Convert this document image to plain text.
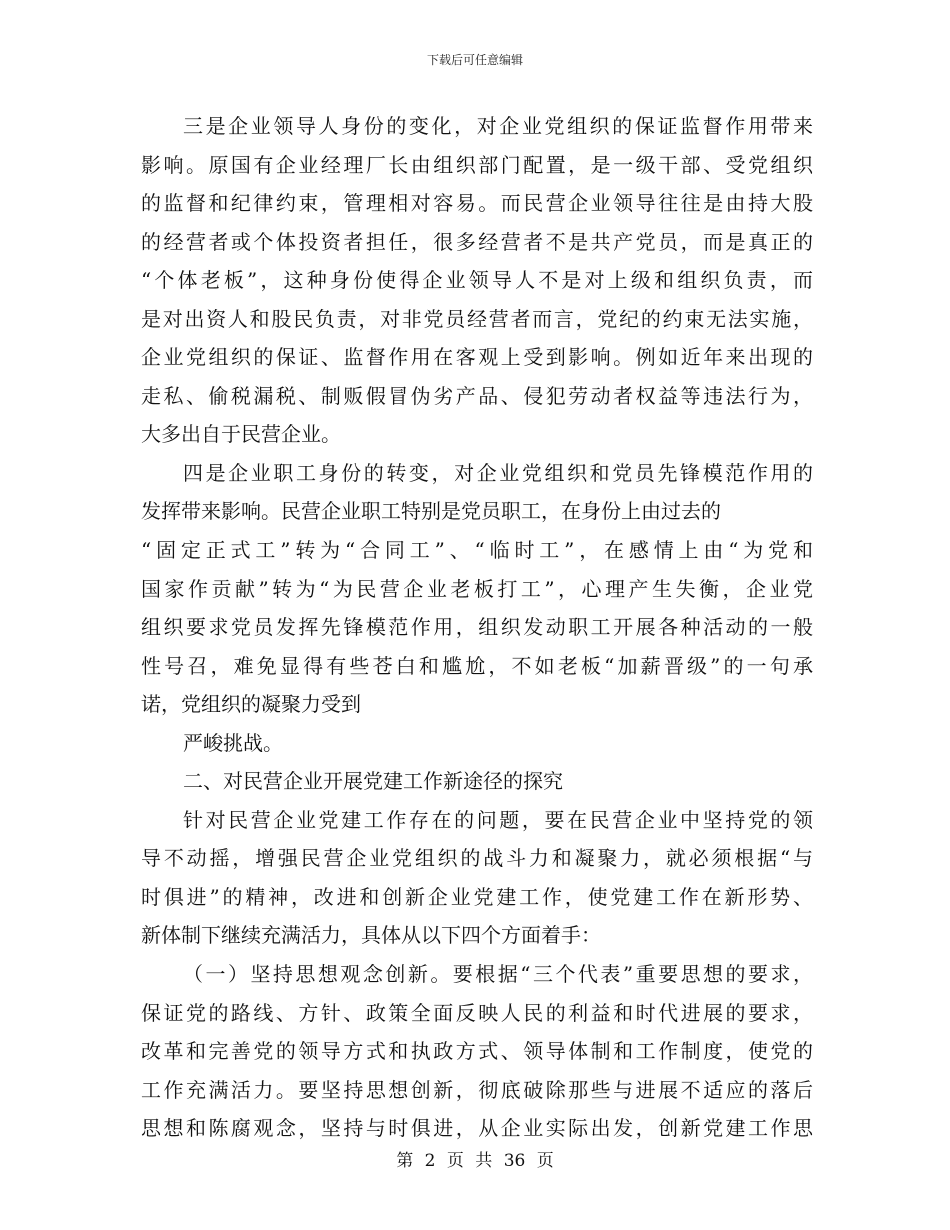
下载后可任意编辑
三是企业领导人身份的变化，对企业党组织的保证监督作用带来
影响。原国有企业经理厂长由组织部门配置，是一级干部、受党组织
的监督和纪律约束，管理相对容易。而民营企业领导往往是由持大股
的经营者或个体投资者担任，很多经营者不是共产党员，而是真正的
“个体老板”，这种身份使得企业领导人不是对上级和组织负责，而
是对出资人和股民负责，对非党员经营者而言，党纪的约束无法实施，
企业党组织的保证、监督作用在客观上受到影响。例如近年来出现的
走私、偷税漏税、制贩假冒伪劣产品、侵犯劳动者权益等违法行为，
大多出自于民营企业。
四是企业职工身份的转变，对企业党组织和党员先锋模范作用的
发挥带来影响。民营企业职工特别是党员职工，在身份上由过去的
“固定正式工”转为“合同工”、“临时工”，在感情上由“为党和
国家作贡献”转为“为民营企业老板打工”，心理产生失衡，企业党
组织要求党员发挥先锋模范作用，组织发动职工开展各种活动的一般
性号召，难免显得有些苍白和尴尬，不如老板“加薪晋级”的一句承
诺，党组织的凝聚力受到
严峻挑战。
二、对民营企业开展党建工作新途径的探究
针对民营企业党建工作存在的问题，要在民营企业中坚持党的领
导不动摇，增强民营企业党组织的战斗力和凝聚力，就必须根据“与
时俱进”的精神，改进和创新企业党建工作，使党建工作在新形势、
新体制下继续充满活力，具体从以下四个方面着手：
（一）坚持思想观念创新。要根据“三个代表”重要思想的要求，
保证党的路线、方针、政策全面反映人民的利益和时代进展的要求，
改革和完善党的领导方式和执政方式、领导体制和工作制度，使党的
工作充满活力。要坚持思想创新，彻底破除那些与进展不适应的落后
思想和陈腐观念，坚持与时俱进，从企业实际出发，创新党建工作思
第 2 页 共 36 页
